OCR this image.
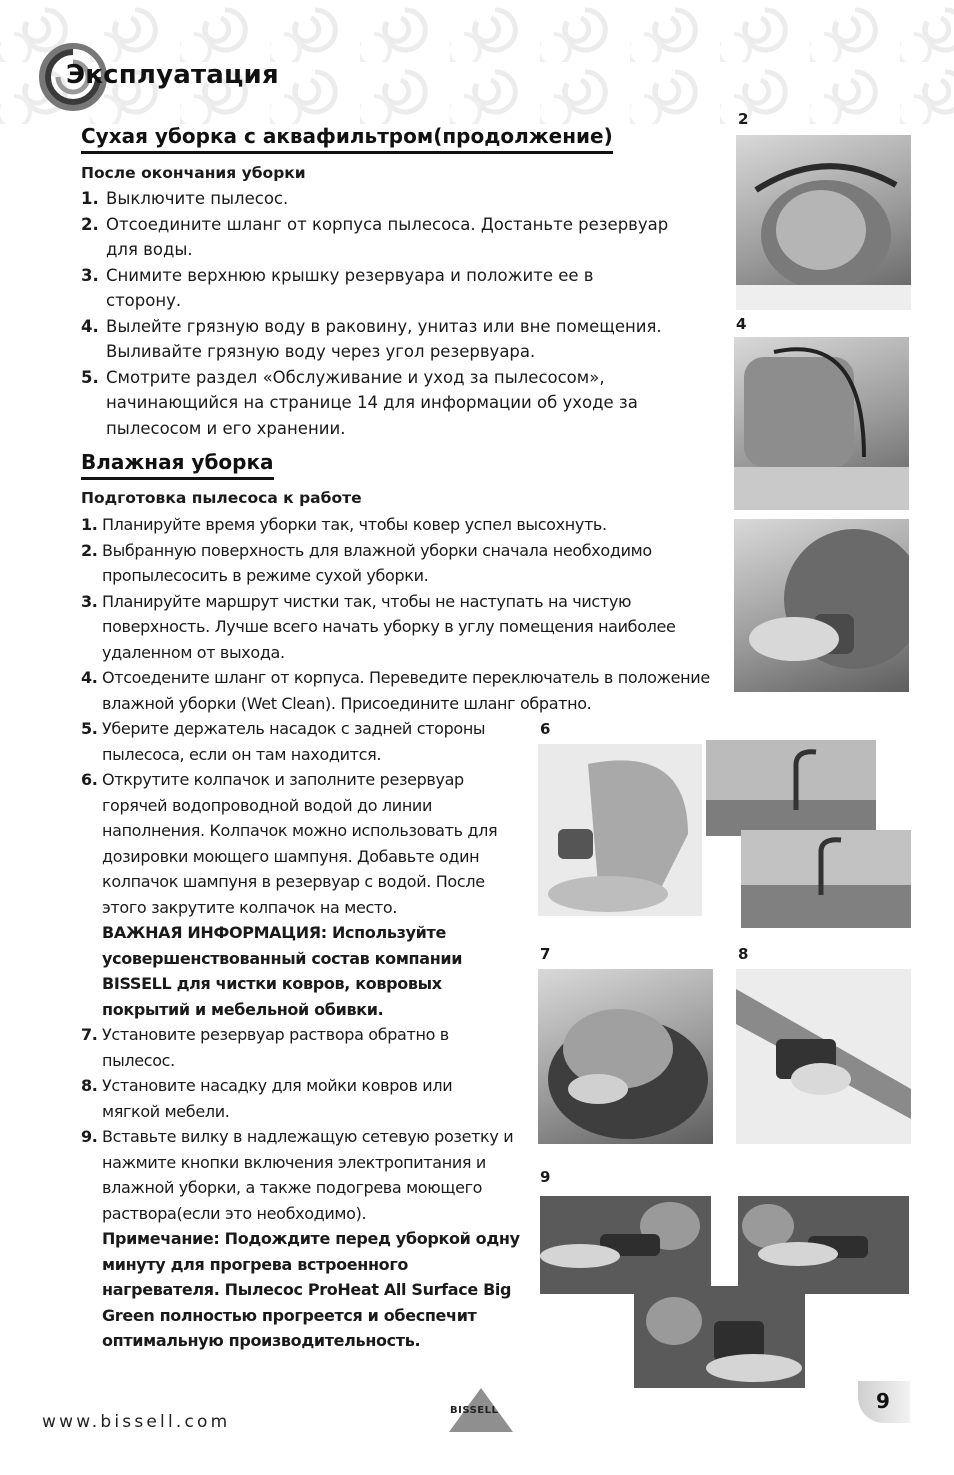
Эксплуатация
Сухая уборка с аквафильтром(продолжение)
После окончания уборки
1. Выключите пылесос.
2. Отсоедините шланг от корпуса пылесоса. Достаньте резервуар для воды.
3. Снимите верхнюю крышку резервуара и положите ее в сторону.
4. Вылейте грязную воду в раковину, унитаз или вне помещения. Выливайте грязную воду через угол резервуара.
5. Смотрите раздел «Обслуживание и уход за пылесосом», начинающийся на странице 14 для информации об уходе за пылесосом и его хранении.
Влажная уборка
Подготовка пылесоса к работе
1. Планируйте время уборки так, чтобы ковер успел высохнуть.
2. Выбранную поверхность для влажной уборки сначала необходимо пропылесосить в режиме сухой уборки.
3. Планируйте маршрут чистки так, чтобы не наступать на чистую поверхность. Лучше всего начать уборку в углу помещения наиболее удаленном от выхода.
4. Отсоедените шланг от корпуса. Переведите переключатель в положение влажной уборки (Wet Clean). Присоедините шланг обратно.
5. Уберите держатель насадок с задней стороны пылесоса, если он там находится.
6. Открутите колпачок и заполните резервуар горячей водопроводной водой до линии наполнения. Колпачок можно использовать для дозировки моющего шампуня. Добавьте один колпачок шампуня в резервуар с водой. После этого закрутите колпачок на место.
ВАЖНАЯ ИНФОРМАЦИЯ: Используйте усовершенствованный состав компании BISSELL для чистки ковров, ковровых покрытий и мебельной обивки.
7. Установите резервуар раствора обратно в пылесос.
8. Установите насадку для мойки ковров или мягкой мебели.
9. Вставьте вилку в надлежащую сетевую розетку и нажмите кнопки включения электропитания и влажной уборки, а также подогрева моющего раствора(если это необходимо).
Примечание: Подождите перед уборкой одну минуту для прогрева встроенного нагревателя. Пылесос ProHeat All Surface Big Green полностью прогреется и обеспечит оптимальную производительность.
2
4
6
7	8
9
www.bissell.com
BISSELL	9
